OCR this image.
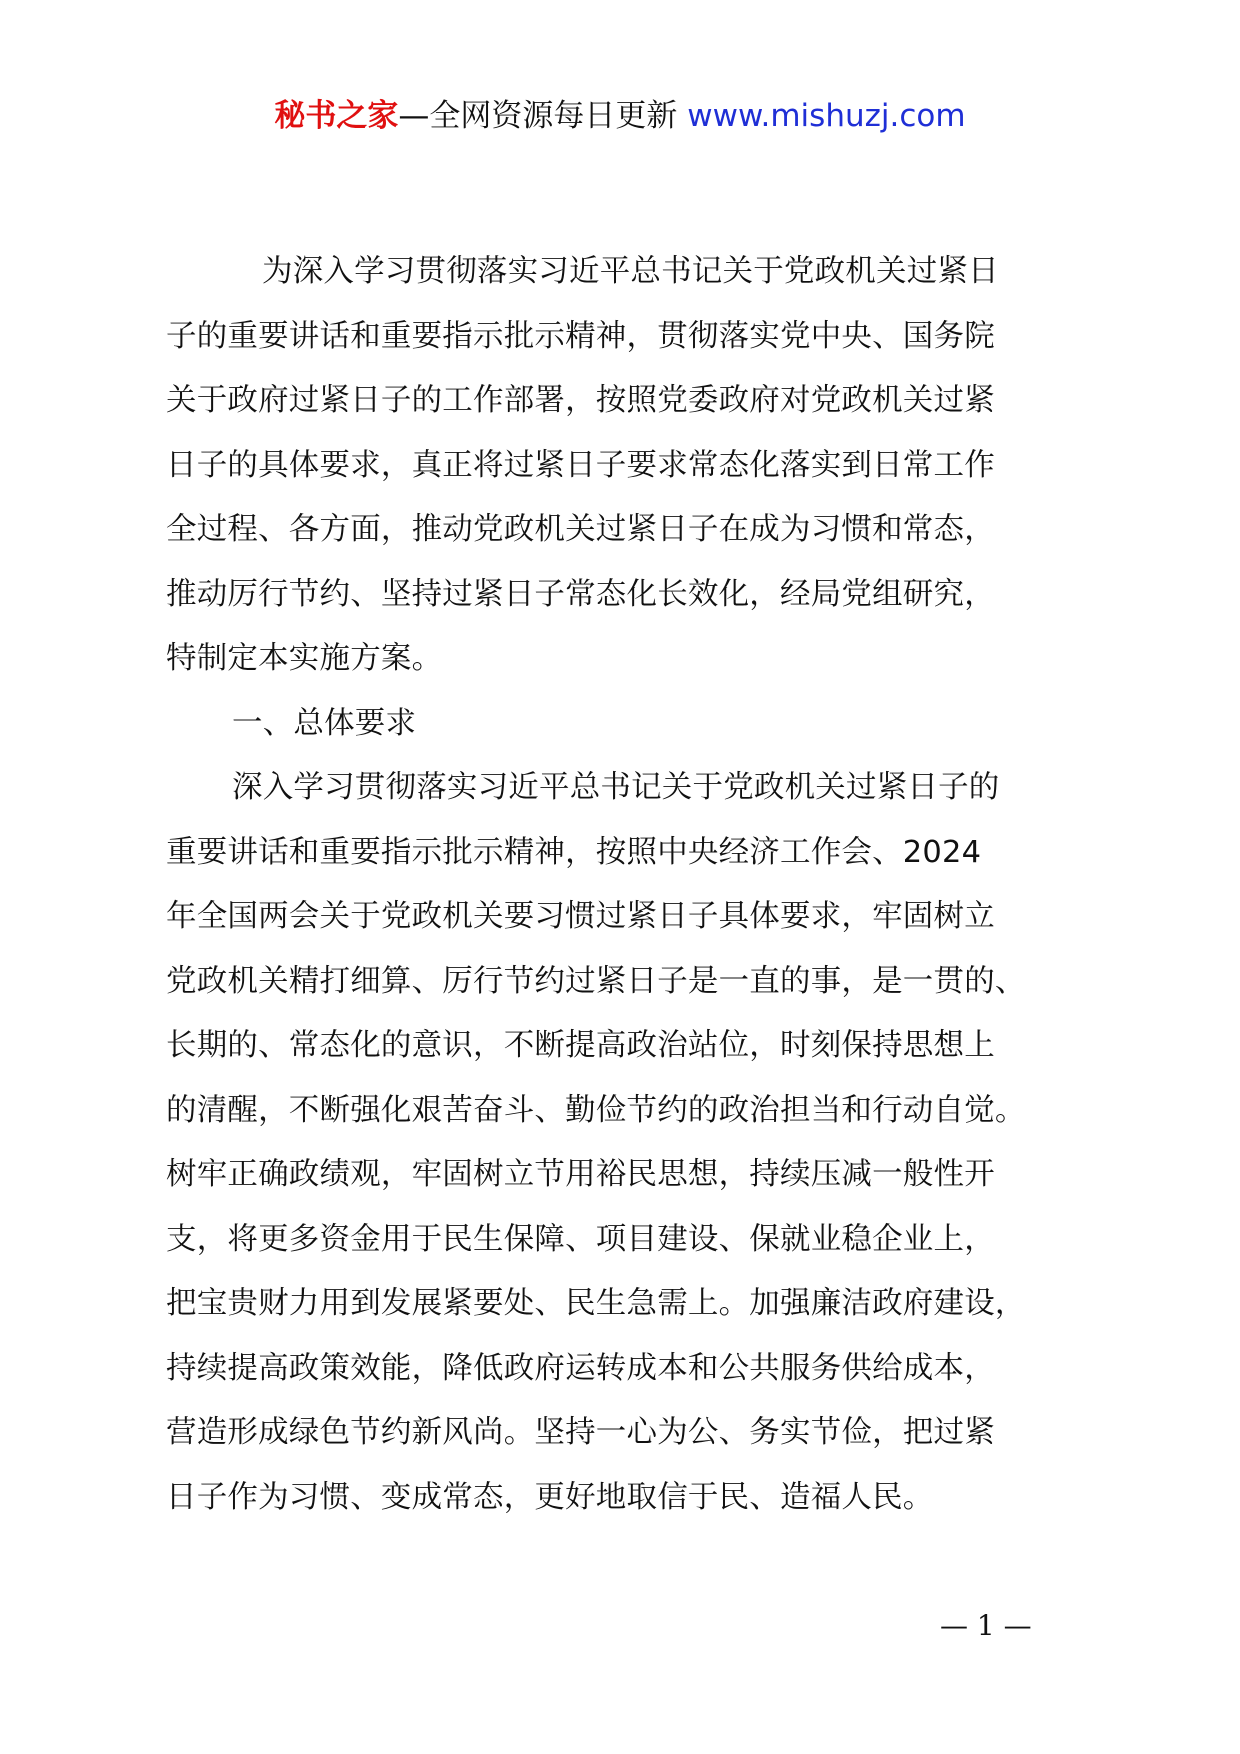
秘书之家—全网资源每日更新 www.mishuzj.com

为深入学习贯彻落实习近平总书记关于党政机关过紧日
子的重要讲话和重要指示批示精神，贯彻落实党中央、国务院
关于政府过紧日子的工作部署，按照党委政府对党政机关过紧
日子的具体要求，真正将过紧日子要求常态化落实到日常工作
全过程、各方面，推动党政机关过紧日子在成为习惯和常态，
推动厉行节约、坚持过紧日子常态化长效化，经局党组研究，
特制定本实施方案。

一、总体要求

深入学习贯彻落实习近平总书记关于党政机关过紧日子的
重要讲话和重要指示批示精神，按照中央经济工作会、2024
年全国两会关于党政机关要习惯过紧日子具体要求，牢固树立
党政机关精打细算、厉行节约过紧日子是一直的事，是一贯的、
长期的、常态化的意识，不断提高政治站位，时刻保持思想上
的清醒，不断强化艰苦奋斗、勤俭节约的政治担当和行动自觉。
树牢正确政绩观，牢固树立节用裕民思想，持续压减一般性开
支，将更多资金用于民生保障、项目建设、保就业稳企业上，
把宝贵财力用到发展紧要处、民生急需上。加强廉洁政府建设，
持续提高政策效能，降低政府运转成本和公共服务供给成本，
营造形成绿色节约新风尚。坚持一心为公、务实节俭，把过紧
日子作为习惯、变成常态，更好地取信于民、造福人民。

— 1 —
